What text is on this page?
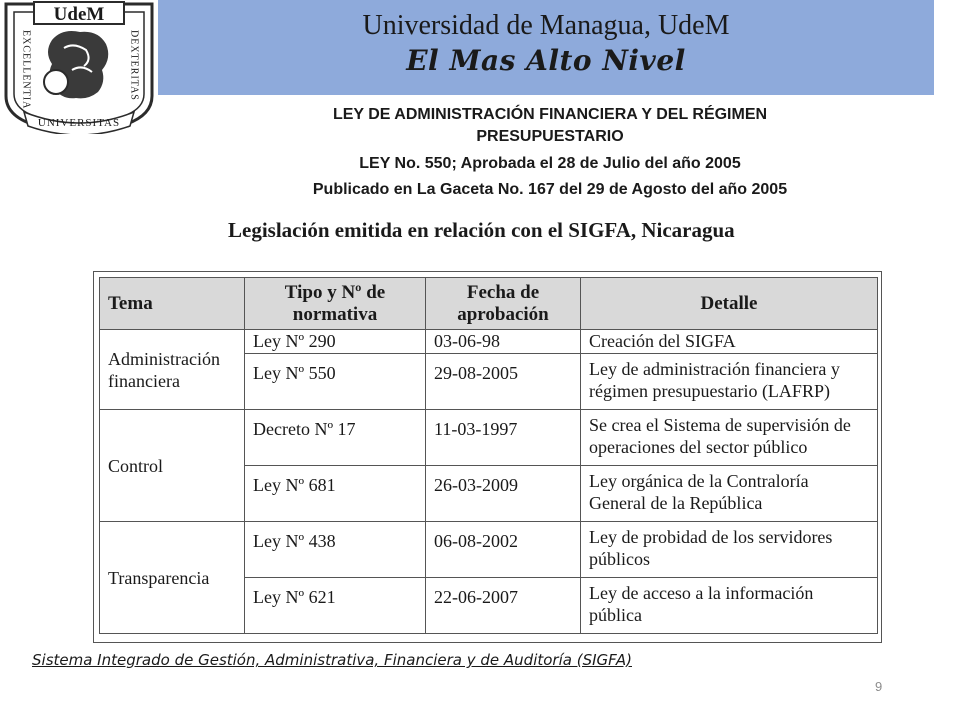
Universidad de Managua, UdeM
El Mas Alto Nivel
UdeM
EXCELLENTIA	DEXTERITAS
UNIVERSITAS	LEY DE ADMINISTRACIÓN FINANCIERA Y DEL RÉGIMEN
PRESUPUESTARIO
LEY No. 550; Aprobada el 28 de Julio del año 2005
Publicado en La Gaceta No. 167 del 29 de Agosto del año 2005
Legislación emitida en relación con el SIGFA, Nicaragua
Tema	Tipo y Nº de normativa	Fecha de aprobación	Detalle
Administración financiera	Ley Nº 290	03-06-98	Creación del SIGFA
	Ley Nº 550	29-08-2005	Ley de administración financiera y régimen presupuestario (LAFRP)
Control	Decreto Nº 17	11-03-1997	Se crea el Sistema de supervisión de operaciones del sector público
	Ley Nº 681	26-03-2009	Ley orgánica de la Contraloría General de la República
Transparencia	Ley Nº 438	06-08-2002	Ley de probidad de los servidores públicos
	Ley Nº 621	22-06-2007	Ley de acceso a la información pública
Sistema Integrado de Gestión, Administrativa, Financiera y de Auditoría (SIGFA)
9
